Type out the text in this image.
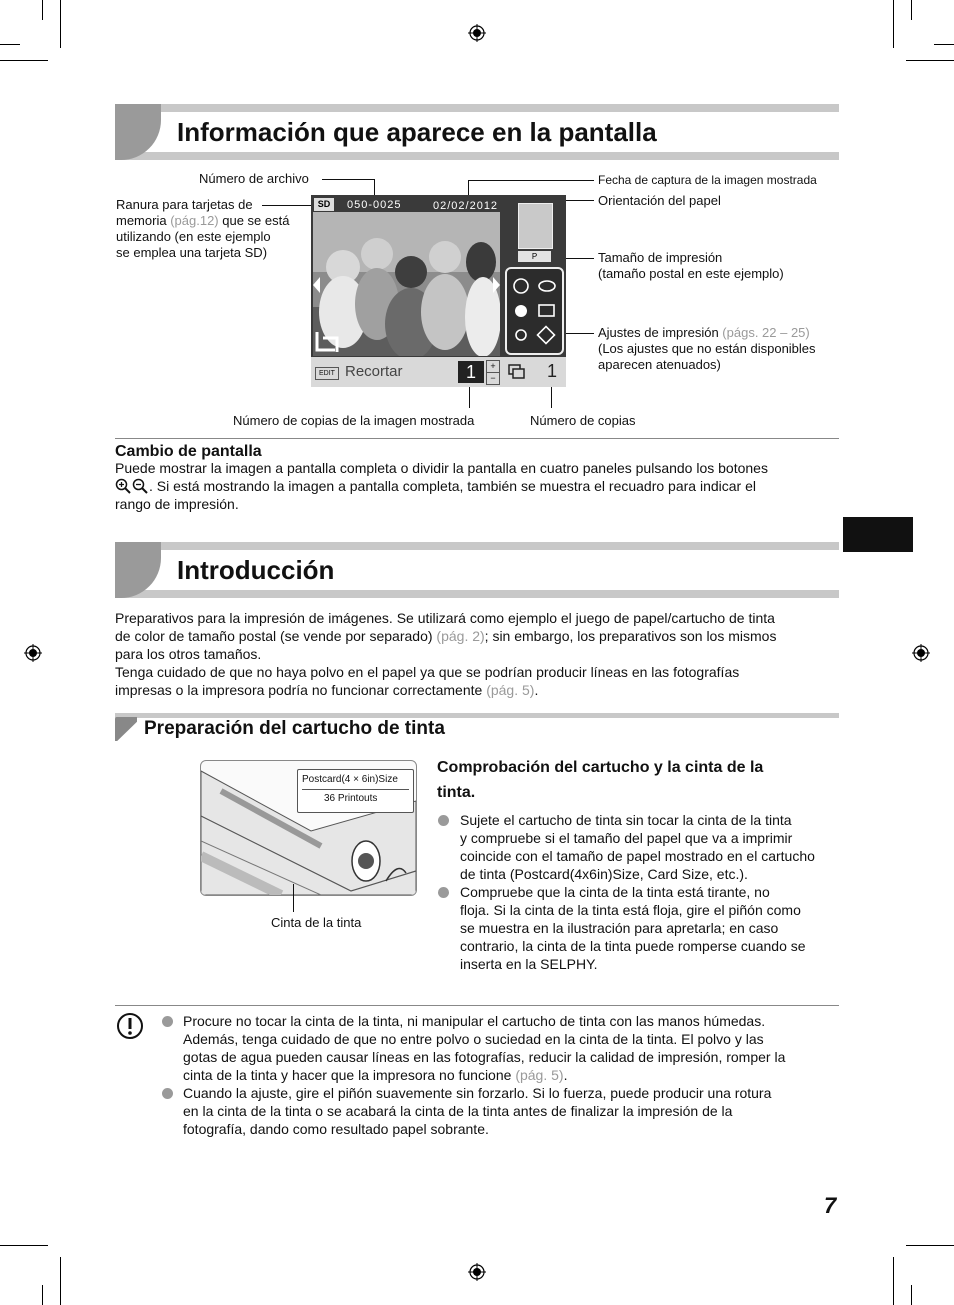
Información que aparece en la pantalla
Número de archivo
Ranura para tarjetas de
memoria (pág.12) que se está
utilizando (en este ejemplo
se emplea una tarjeta SD)
Fecha de captura de la imagen mostrada
Orientación del papel
Tamaño de impresión
(tamaño postal en este ejemplo)
Ajustes de impresión (págs. 22 – 25)
(Los ajustes que no están disponibles
aparecen atenuados)
Número de copias de la imagen mostrada	Número de copias
SD	050-0025	02/02/2012
P
EDIT Recortar	1	+
−	1
Cambio de pantalla
Puede mostrar la imagen a pantalla completa o dividir la pantalla en cuatro paneles pulsando los botones
. Si está mostrando la imagen a pantalla completa, también se muestra el recuadro para indicar el
rango de impresión.
Introducción
Preparativos para la impresión de imágenes. Se utilizará como ejemplo el juego de papel/cartucho de tinta
de color de tamaño postal (se vende por separado) (pág. 2); sin embargo, los preparativos son los mismos
para los otros tamaños.
Tenga cuidado de que no haya polvo en el papel ya que se podrían producir líneas en las fotografías
impresas o la impresora podría no funcionar correctamente (pág. 5).
Preparación del cartucho de tinta
Postcard(4 × 6in)Size
36 Printouts
Cinta de la tinta
Comprobación del cartucho y la cinta de la
tinta.
Sujete el cartucho de tinta sin tocar la cinta de la tinta
y compruebe si el tamaño del papel que va a imprimir
coincide con el tamaño de papel mostrado en el cartucho
de tinta (Postcard(4x6in)Size, Card Size, etc.).
Compruebe que la cinta de la tinta está tirante, no
floja. Si la cinta de la tinta está floja, gire el piñón como
se muestra en la ilustración para apretarla; en caso
contrario, la cinta de la tinta puede romperse cuando se
inserta en la SELPHY.
Procure no tocar la cinta de la tinta, ni manipular el cartucho de tinta con las manos húmedas.
Además, tenga cuidado de que no entre polvo o suciedad en la cinta de la tinta. El polvo y las
gotas de agua pueden causar líneas en las fotografías, reducir la calidad de impresión, romper la
cinta de la tinta y hacer que la impresora no funcione (pág. 5).
Cuando la ajuste, gire el piñón suavemente sin forzarlo. Si lo fuerza, puede producir una rotura
en la cinta de la tinta o se acabará la cinta de la tinta antes de finalizar la impresión de la
fotografía, dando como resultado papel sobrante.
7
